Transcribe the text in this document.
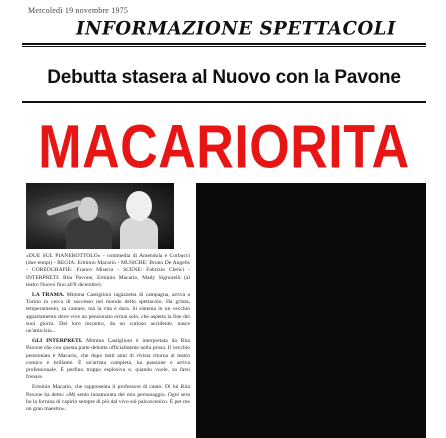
Mercoledì 19 novembre 1975
INFORMAZIONE SPETTACOLI
Debutta stasera al Nuovo con la Pavone
MACARIORITA

«DUE SUL PIANEROTTOLO» - commedia di Amendola e Corbucci (due tempi) - REGIA: Erminio Macario - MUSICHE: Bruno De Angelis - COREOGRAFIE: Franco Miseria - SCENE: Fabrizio Clerici - INTERPRETI: Rita Pavone, Erminio Macario, Mady Signorelli (al teatro Nuovo fino all'8 dicembre).

LA TRAMA. Mimma Castiglioni ragazzetta di campagna, arriva a Torino in cerca di successo nel mondo dello spettacolo. Ha grinta, temperamento, sa cantare, ma la vita è dura. Si sistema in un vecchio appartamento dove vive un pensionato ormai solo, che aspetta la fine dei suoi giorni. Dal loro incontro, da un curioso accidente, nasce un'amicizia...

GLI INTERPRETI. Mimma Castiglioni è interpretata da Rita Pavone che con questa parte debutta ufficialmente nella prosa. Il vecchio pensionato è Macario, che dopo tanti anni di rivista ritorna al teatro comico e brillante. È un'artista completa, ha passione e arriva professionale. È perfino troppo esplosiva e, quando vuole, sa farsi frenare.

Erminio Macario, che rappresenta il professore di canto. Di lui Rita Pavone ha detto: «Mi sento innamorata del mio personaggio. Ogni sera ho la fortuna di capirlo sempre di più dal vivo sul palcoscenico. È per me un gran maestro».
